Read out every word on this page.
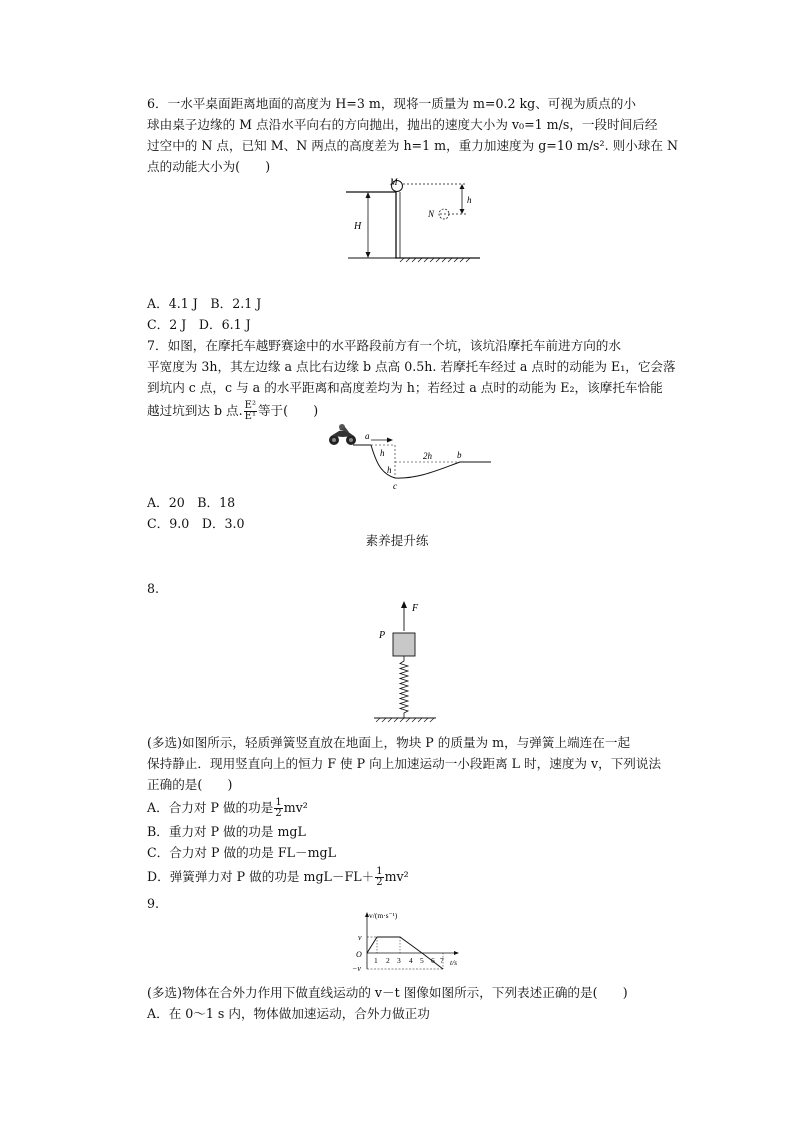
6．一水平桌面距离地面的高度为 H=3 m，现将一质量为 m=0.2 kg、可视为质点的小
球由桌子边缘的 M 点沿水平向右的方向抛出，抛出的速度大小为 v₀=1 m/s，一段时间后经
过空中的 N 点，已知 M、N 两点的高度差为 h=1 m，重力加速度为 g=10 m/s². 则小球在 N
点的动能大小为(　　)
H
M
h
N
A．4.1 J　B．2.1 J
C．2 J　D．6.1 J
7．如图，在摩托车越野赛途中的水平路段前方有一个坑，该坑沿摩托车前进方向的水
平宽度为 3h，其左边缘 a 点比右边缘 b 点高 0.5h. 若摩托车经过 a 点时的动能为 E₁，它会落
到坑内 c 点，c 与 a 的水平距离和高度差均为 h；若经过 a 点时的动能为 E₂，该摩托车恰能
越过坑到达 b 点. $\frac{\text{E²}}{\text{E¹}}$ 等于(　　)
a
h
h
2h	b
c
A．20　B．18
C．9.0　D．3.0
素养提升练
8.
F
P
(多选)如图所示，轻质弹簧竖直放在地面上，物块 P 的质量为 m，与弹簧上端连在一起
保持静止．现用竖直向上的恒力 F 使 P 向上加速运动一小段距离 L 时，速度为 v，下列说法
正确的是(　　)
A．合力对 P 做的功是 $\frac{1}{2} mv^2$
B．重力对 P 做的功是 mgL
C．合力对 P 做的功是 FL－mgL
D．弹簧弹力对 P 做的功是 $mgL-FL+ \frac{1}{2} mv^2$
9.
v/(m·s⁻¹)
t/s
O
v
−v
1 2 3 4 5 6 7
(多选)物体在合外力作用下做直线运动的 v－t 图像如图所示，下列表述正确的是(　　)
A．在 0～1 s 内，物体做加速运动，合外力做正功
